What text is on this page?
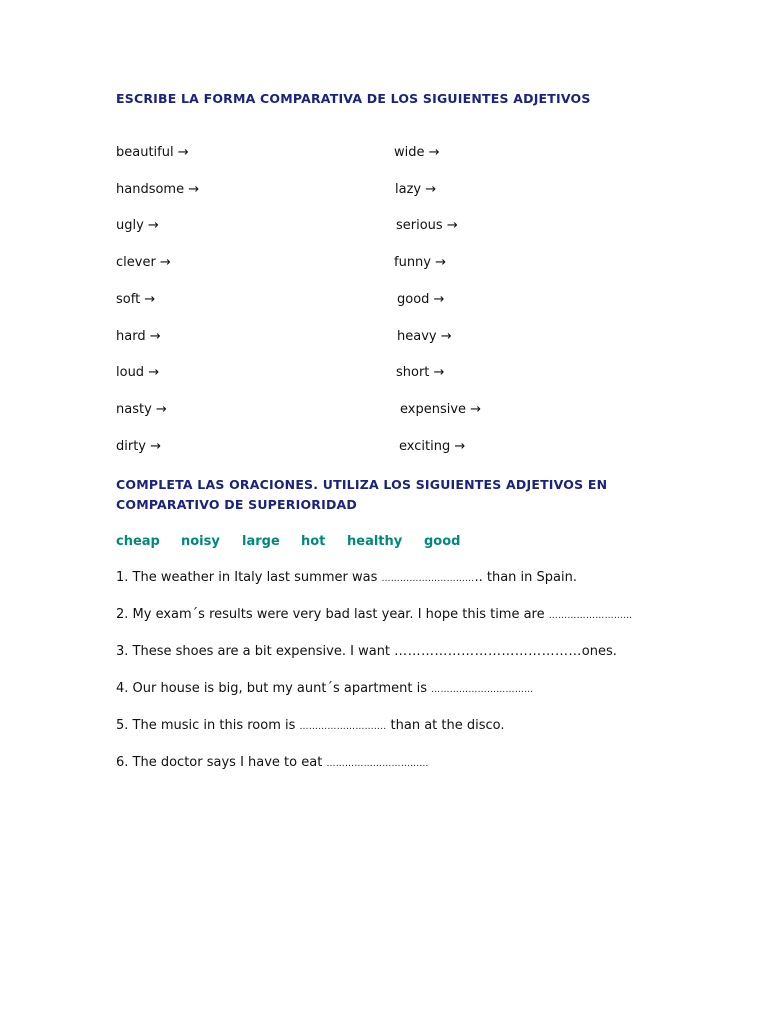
ESCRIBE LA FORMA COMPARATIVA DE LOS SIGUIENTES ADJETIVOS
beautiful →	wide →
handsome →	lazy →
ugly →	serious →
clever →	funny →
soft →	good →
hard →	heavy →
loud →	short →
nasty →	expensive →
dirty →	exciting →
COMPLETA LAS ORACIONES. UTILIZA LOS SIGUIENTES ADJETIVOS EN
COMPARATIVO DE SUPERIORIDAD
cheap noisy large hot healthy good
1. The weather in Italy last summer was ………………………….. than in Spain.
2. My exam´s results were very bad last year. I hope this time are ………………………
3. These shoes are a bit expensive. I want ……………………………………ones.
4. Our house is big, but my aunt´s apartment is ……………………………
5. The music in this room is ………………………. than at the disco.
6. The doctor says I have to eat ……………………………
